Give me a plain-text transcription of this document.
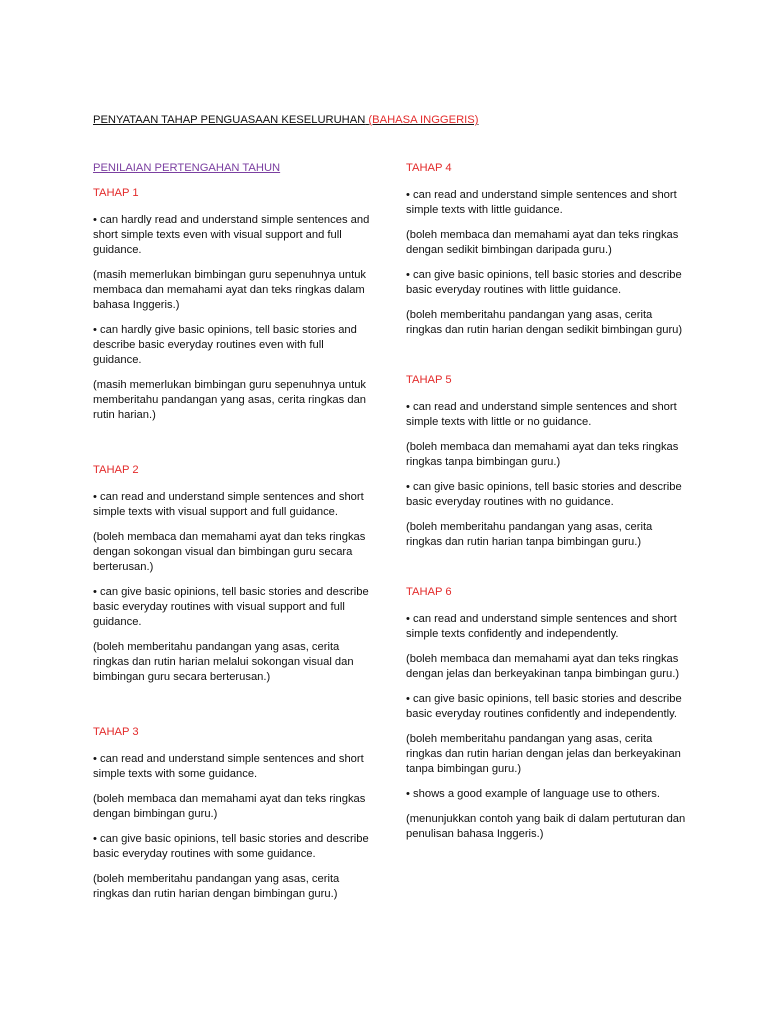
PENYATAAN TAHAP PENGUASAAN KESELURUHAN (BAHASA INGGERIS)
PENILAIAN PERTENGAHAN TAHUN
TAHAP 1

• can hardly read and understand simple sentences and short simple texts even with visual support and full guidance.

(masih memerlukan bimbingan guru sepenuhnya untuk membaca dan memahami ayat dan teks ringkas dalam bahasa Inggeris.)

• can hardly give basic opinions, tell basic stories and describe basic everyday routines even with full guidance.

(masih memerlukan bimbingan guru sepenuhnya untuk memberitahu pandangan yang asas, cerita ringkas dan rutin harian.)

TAHAP 2

• can read and understand simple sentences and short simple texts with visual support and full guidance.

(boleh membaca dan memahami ayat dan teks ringkas dengan sokongan visual dan bimbingan guru secara berterusan.)

• can give basic opinions, tell basic stories and describe basic everyday routines with visual support and full guidance.

(boleh memberitahu pandangan yang asas, cerita ringkas dan rutin harian melalui sokongan visual dan bimbingan guru secara berterusan.)

TAHAP 3

• can read and understand simple sentences and short simple texts with some guidance.

(boleh membaca dan memahami ayat dan teks ringkas dengan bimbingan guru.)

• can give basic opinions, tell basic stories and describe basic everyday routines with some guidance.

(boleh memberitahu pandangan yang asas, cerita ringkas dan rutin harian dengan bimbingan guru.)

TAHAP 4

• can read and understand simple sentences and short simple texts with little guidance.

(boleh membaca dan memahami ayat dan teks ringkas dengan sedikit bimbingan daripada guru.)

• can give basic opinions, tell basic stories and describe basic everyday routines with little guidance.

(boleh memberitahu pandangan yang asas, cerita ringkas dan rutin harian dengan sedikit bimbingan guru)

TAHAP 5

• can read and understand simple sentences and short simple texts with little or no guidance.

(boleh membaca dan memahami ayat dan teks ringkas ringkas tanpa bimbingan guru.)

• can give basic opinions, tell basic stories and describe basic everyday routines with no guidance.

(boleh memberitahu pandangan yang asas, cerita ringkas dan rutin harian tanpa bimbingan guru.)

TAHAP 6

• can read and understand simple sentences and short simple texts confidently and independently.

(boleh membaca dan memahami ayat dan teks ringkas dengan jelas dan berkeyakinan tanpa bimbingan guru.)

• can give basic opinions, tell basic stories and describe basic everyday routines confidently and independently.

(boleh memberitahu pandangan yang asas, cerita ringkas dan rutin harian dengan jelas dan berkeyakinan tanpa bimbingan guru.)

• shows a good example of language use to others.

(menunjukkan contoh yang baik di dalam pertuturan dan penulisan bahasa Inggeris.)
